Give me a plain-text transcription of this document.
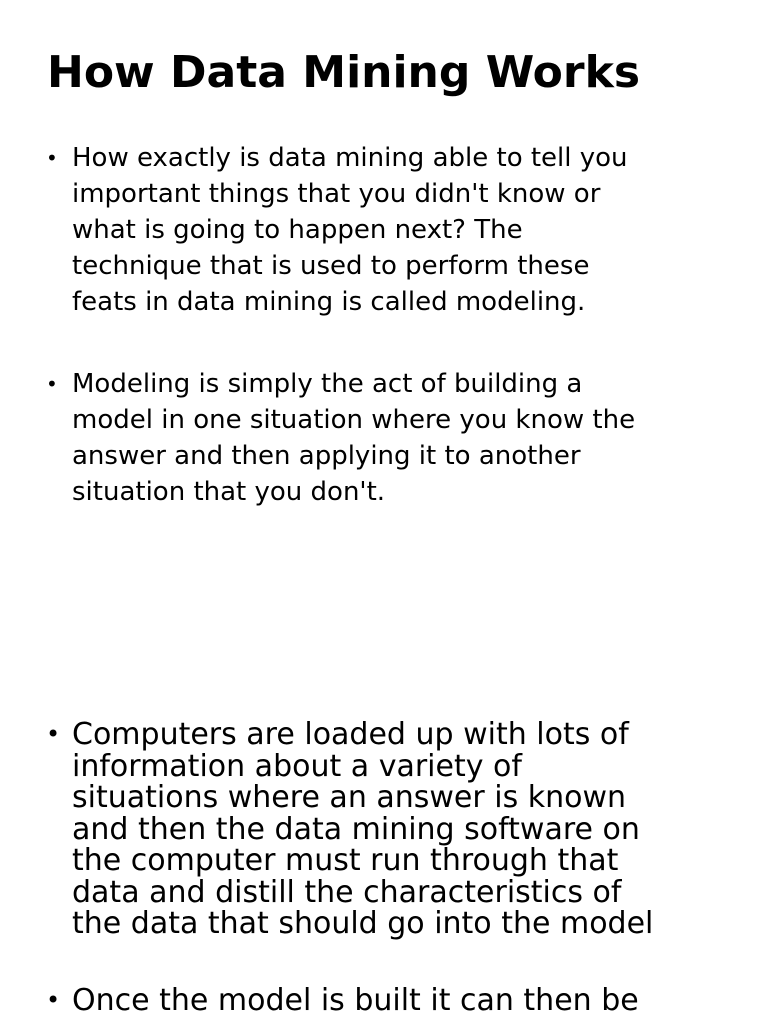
How Data Mining Works
• How exactly is data mining able to tell you
important things that you didn't know or
what is going to happen next? The
technique that is used to perform these
feats in data mining is called modeling.
• Modeling is simply the act of building a
model in one situation where you know the
answer and then applying it to another
situation that you don't.
• Computers are loaded up with lots of
information about a variety of
situations where an answer is known
and then the data mining software on
the computer must run through that
data and distill the characteristics of
the data that should go into the model
• Once the model is built it can then be
